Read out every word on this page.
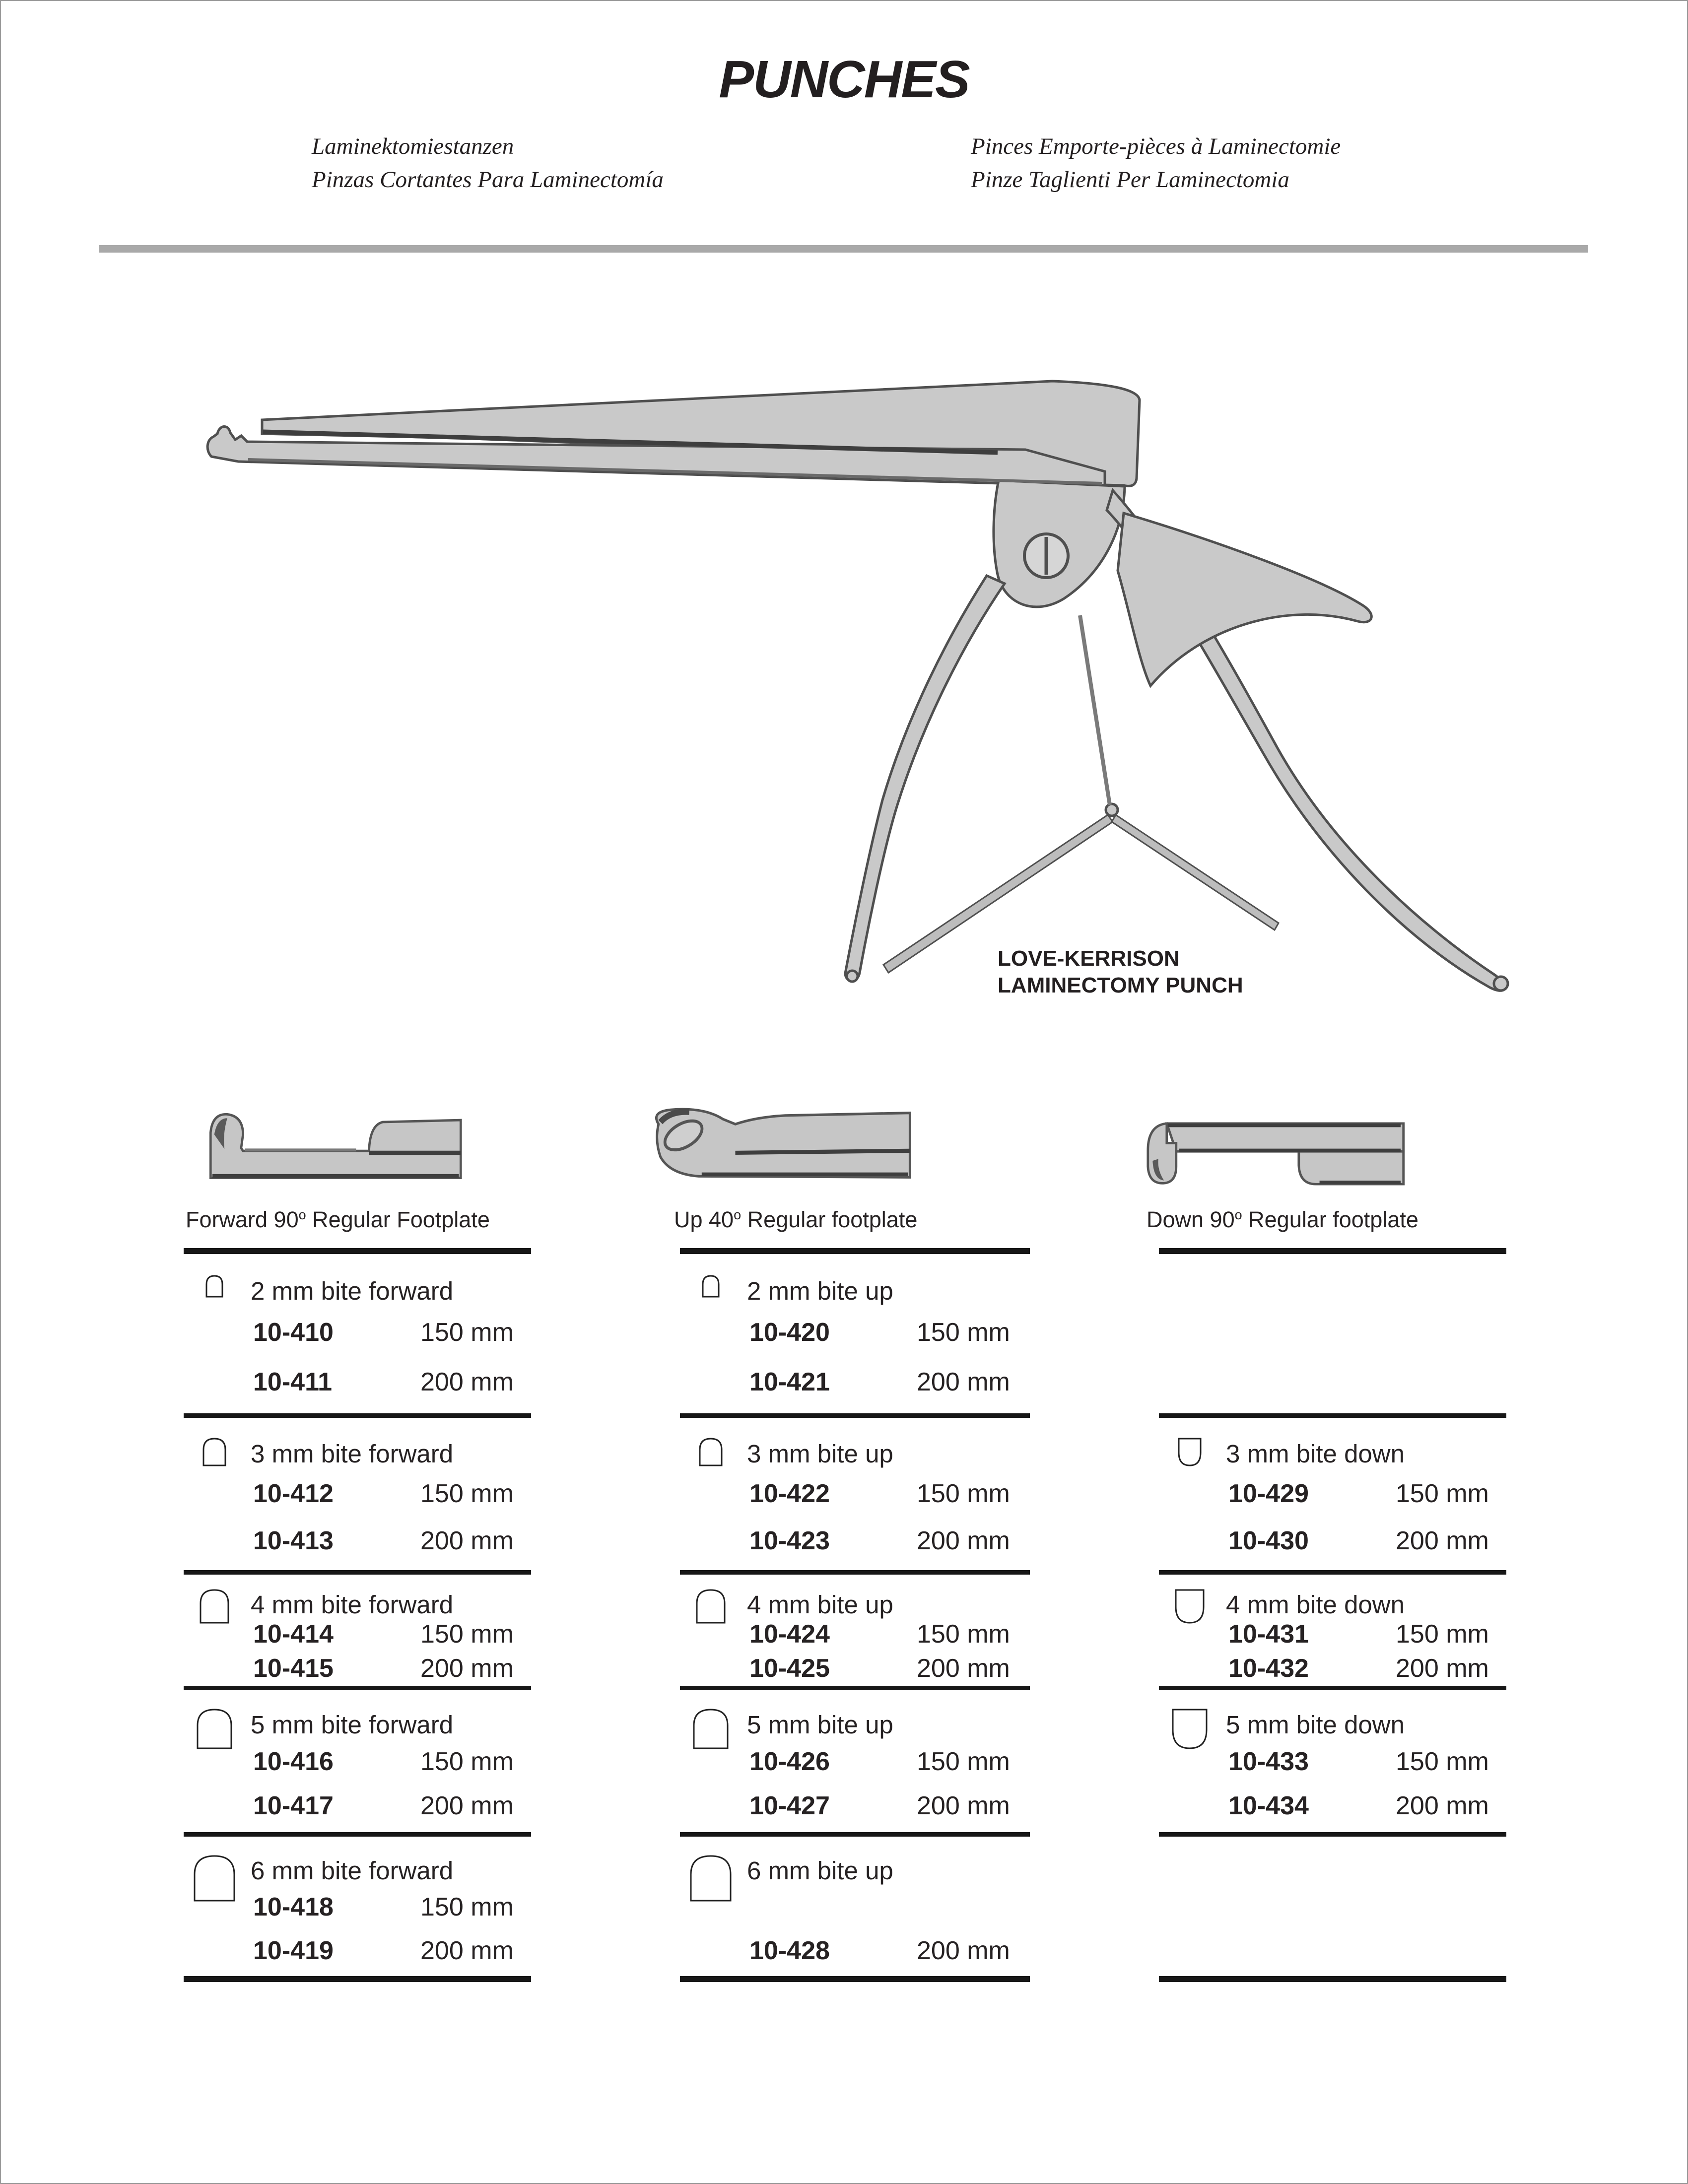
PUNCHES
Laminektomiestanzen
Pinzas Cortantes Para Laminectomía
Pinces Emporte-pièces à Laminectomie
Pinze Taglienti Per Laminectomia
LOVE-KERRISON
LAMINECTOMY PUNCH
Forward 90$^o$ Regular Footplate
2 mm bite forward
10-410	150 mm
10-411	200 mm
3 mm bite forward
10-412	150 mm
10-413	200 mm
4 mm bite forward
10-414	150 mm
10-415	200 mm
5 mm bite forward
10-416	150 mm
10-417	200 mm
6 mm bite forward
10-418	150 mm
10-419	200 mm
Up 40$^o$ Regular footplate
2 mm bite up
10-420	150 mm
10-421	200 mm
3 mm bite up
10-422	150 mm
10-423	200 mm
4 mm bite up
10-424	150 mm
10-425	200 mm
5 mm bite up
10-426	150 mm
10-427	200 mm
6 mm bite up
10-428	200 mm
Down 90$^o$ Regular footplate
3 mm bite down
10-429	150 mm
10-430	200 mm
4 mm bite down
10-431	150 mm
10-432	200 mm
5 mm bite down
10-433	150 mm
10-434	200 mm
